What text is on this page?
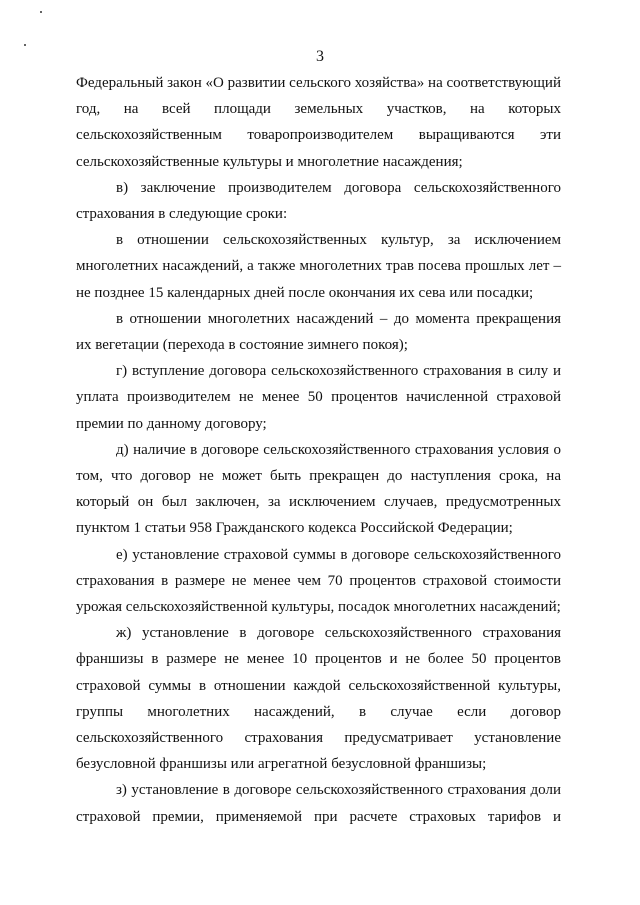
3

Федеральный закон «О развитии сельского хозяйства» на соответствующий год, на всей площади земельных участков, на которых сельскохозяйственным товаропроизводителем выращиваются эти сельскохозяйственные культуры и многолетние насаждения;

в) заключение производителем договора сельскохозяйственного страхования в следующие сроки:

в отношении сельскохозяйственных культур, за исключением многолетних насаждений, а также многолетних трав посева прошлых лет – не позднее 15 календарных дней после окончания их сева или посадки;

в отношении многолетних насаждений – до момента прекращения их вегетации (перехода в состояние зимнего покоя);

г) вступление договора сельскохозяйственного страхования в силу и уплата производителем не менее 50 процентов начисленной страховой премии по данному договору;

д) наличие в договоре сельскохозяйственного страхования условия о том, что договор не может быть прекращен до наступления срока, на который он был заключен, за исключением случаев, предусмотренных пунктом 1 статьи 958 Гражданского кодекса Российской Федерации;

е) установление страховой суммы в договоре сельскохозяйственного страхования в размере не менее чем 70 процентов страховой стоимости урожая сельскохозяйственной культуры, посадок многолетних насаждений;

ж) установление в договоре сельскохозяйственного страхования франшизы в размере не менее 10 процентов и не более 50 процентов страховой суммы в отношении каждой сельскохозяйственной культуры, группы многолетних насаждений, в случае если договор сельскохозяйственного страхования предусматривает установление безусловной франшизы или агрегатной безусловной франшизы;

з) установление в договоре сельскохозяйственного страхования доли страховой премии, применяемой при расчете страховых тарифов и
